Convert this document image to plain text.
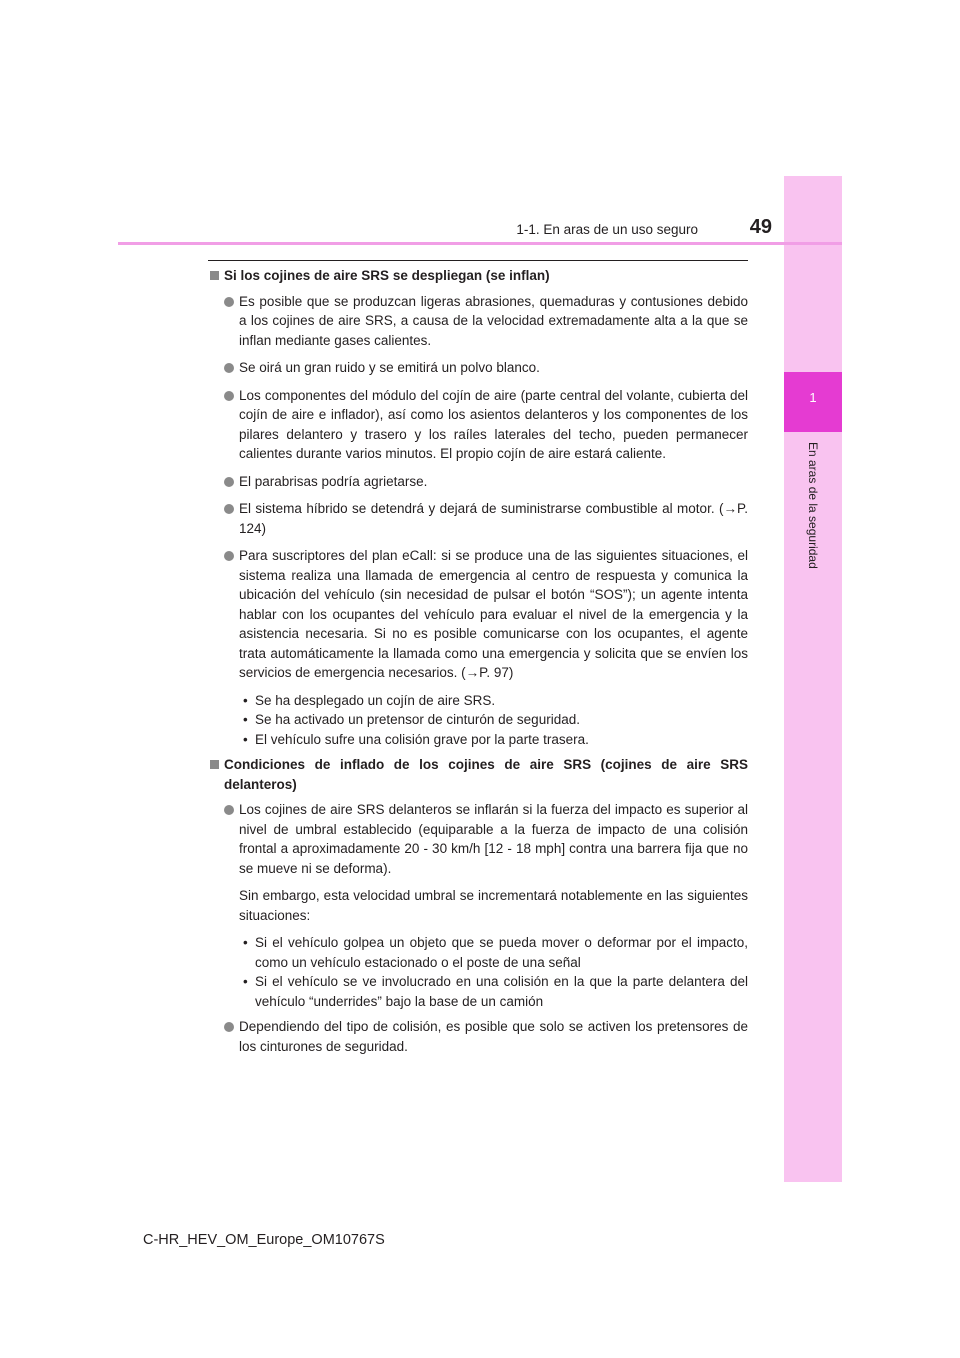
1
En aras de la seguridad
1-1. En aras de un uso seguro	49
Si los cojines de aire SRS se despliegan (se inflan)
Es posible que se produzcan ligeras abrasiones, quemaduras y contusiones debido a los cojines de aire SRS, a causa de la velocidad extremadamente alta a la que se inflan mediante gases calientes.
Se oirá un gran ruido y se emitirá un polvo blanco.
Los componentes del módulo del cojín de aire (parte central del volante, cubierta del cojín de aire e inflador), así como los asientos delanteros y los componentes de los pilares delantero y trasero y los raíles laterales del techo, pueden permanecer calientes durante varios minutos. El propio cojín de aire estará caliente.
El parabrisas podría agrietarse.
El sistema híbrido se detendrá y dejará de suministrarse combustible al motor. (→P. 124)
Para suscriptores del plan eCall: si se produce una de las siguientes situaciones, el sistema realiza una llamada de emergencia al centro de respuesta y comunica la ubicación del vehículo (sin necesidad de pulsar el botón “SOS”); un agente intenta hablar con los ocupantes del vehículo para evaluar el nivel de la emergencia y la asistencia necesaria. Si no es posible comunicarse con los ocupantes, el agente trata automáticamente la llamada como una emergencia y solicita que se envíen los servicios de emergencia necesarios. (→P. 97)
• Se ha desplegado un cojín de aire SRS.
• Se ha activado un pretensor de cinturón de seguridad.
• El vehículo sufre una colisión grave por la parte trasera.
Condiciones de inflado de los cojines de aire SRS (cojines de aire SRS delanteros)
Los cojines de aire SRS delanteros se inflarán si la fuerza del impacto es superior al nivel de umbral establecido (equiparable a la fuerza de impacto de una colisión frontal a aproximadamente 20 - 30 km/h [12 - 18 mph] contra una barrera fija que no se mueve ni se deforma).
Sin embargo, esta velocidad umbral se incrementará notablemente en las siguientes situaciones:
• Si el vehículo golpea un objeto que se pueda mover o deformar por el impacto, como un vehículo estacionado o el poste de una señal
• Si el vehículo se ve involucrado en una colisión en la que la parte delantera del vehículo “underrides” bajo la base de un camión
Dependiendo del tipo de colisión, es posible que solo se activen los pretensores de los cinturones de seguridad.
C-HR_HEV_OM_Europe_OM10767S
